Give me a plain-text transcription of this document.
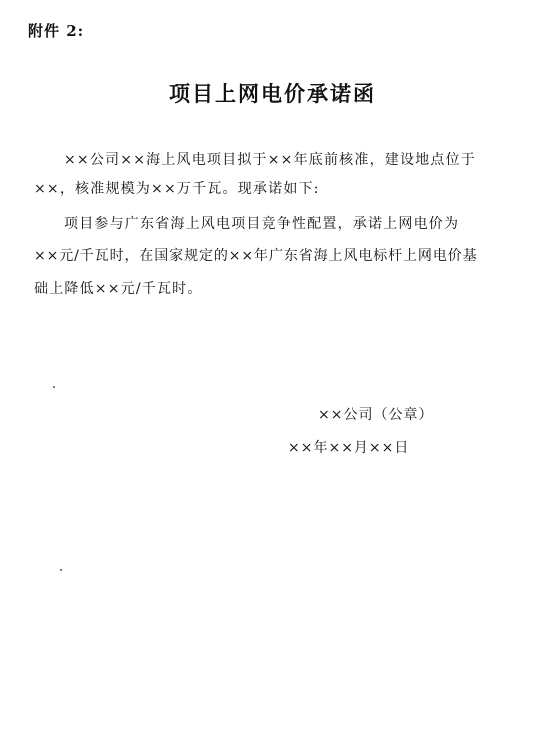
附件 2:
项目上网电价承诺函
××公司××海上风电项目拟于××年底前核准，建设地点位于
××，核准规模为××万千瓦。现承诺如下:
项目参与广东省海上风电项目竞争性配置，承诺上网电价为
××元/千瓦时，在国家规定的××年广东省海上风电标杆上网电价基
础上降低××元/千瓦时。
××公司（公章）
××年××月××日
